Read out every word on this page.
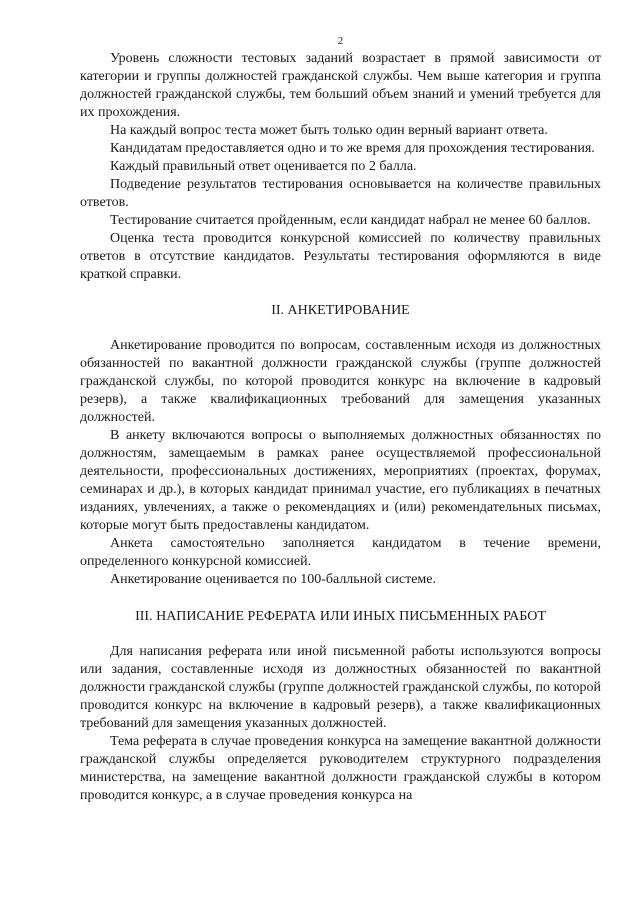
2

Уровень сложности тестовых заданий возрастает в прямой зависимости от категории и группы должностей гражданской службы. Чем выше категория и группа должностей гражданской службы, тем больший объем знаний и умений требуется для их прохождения.

На каждый вопрос теста может быть только один верный вариант ответа.

Кандидатам предоставляется одно и то же время для прохождения тестирования.

Каждый правильный ответ оценивается по 2 балла.

Подведение результатов тестирования основывается на количестве правильных ответов.

Тестирование считается пройденным, если кандидат набрал не менее 60 баллов.

Оценка теста проводится конкурсной комиссией по количеству правильных ответов в отсутствие кандидатов. Результаты тестирования оформляются в виде краткой справки.

II. АНКЕТИРОВАНИЕ

Анкетирование проводится по вопросам, составленным исходя из должностных обязанностей по вакантной должности гражданской службы (группе должностей гражданской службы, по которой проводится конкурс на включение в кадровый резерв), а также квалификационных требований для замещения указанных должностей.

В анкету включаются вопросы о выполняемых должностных обязанностях по должностям, замещаемым в рамках ранее осуществляемой профессиональной деятельности, профессиональных достижениях, мероприятиях (проектах, форумах, семинарах и др.), в которых кандидат принимал участие, его публикациях в печатных изданиях, увлечениях, а также о рекомендациях и (или) рекомендательных письмах, которые могут быть предоставлены кандидатом.

Анкета самостоятельно заполняется кандидатом в течение времени, определенного конкурсной комиссией.

Анкетирование оценивается по 100-балльной системе.

III. НАПИСАНИЕ РЕФЕРАТА ИЛИ ИНЫХ ПИСЬМЕННЫХ РАБОТ

Для написания реферата или иной письменной работы используются вопросы или задания, составленные исходя из должностных обязанностей по вакантной должности гражданской службы (группе должностей гражданской службы, по которой проводится конкурс на включение в кадровый резерв), а также квалификационных требований для замещения указанных должностей.

Тема реферата в случае проведения конкурса на замещение вакантной должности гражданской службы определяется руководителем структурного подразделения министерства, на замещение вакантной должности гражданской службы в котором проводится конкурс, а в случае проведения конкурса на
